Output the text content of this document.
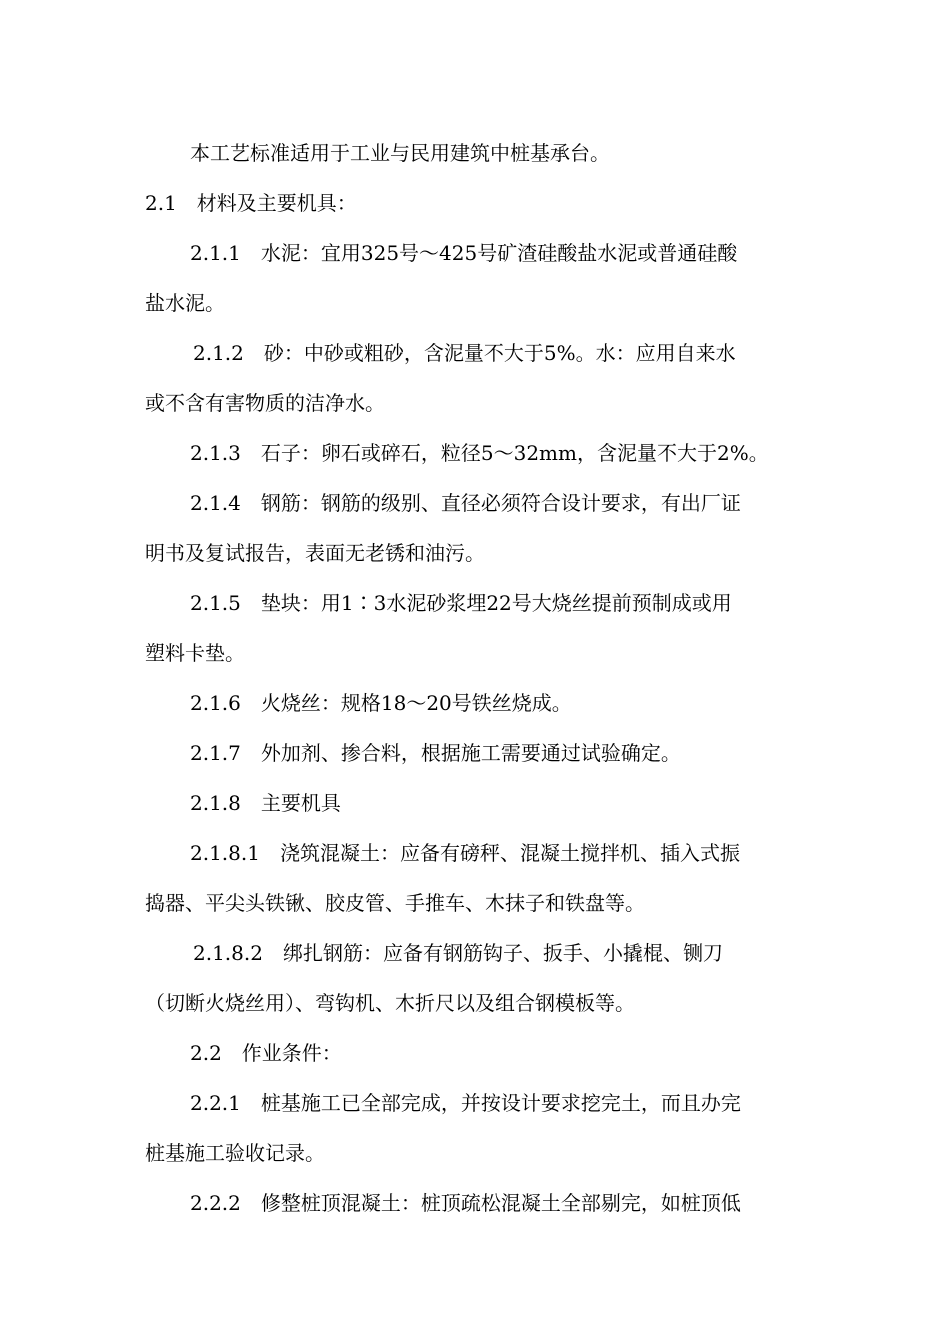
本工艺标准适用于工业与民用建筑中桩基承台。
2.1　材料及主要机具：
2.1.1　水泥：宜用325号～425号矿渣硅酸盐水泥或普通硅酸
盐水泥。
2.1.2　砂：中砂或粗砂，含泥量不大于5%。水：应用自来水
或不含有害物质的洁净水。
2.1.3　石子：卵石或碎石，粒径5～32mm，含泥量不大于2%。
2.1.4　钢筋：钢筋的级别、直径必须符合设计要求，有出厂证
明书及复试报告，表面无老锈和油污。
2.1.5　垫块：用1∶3水泥砂浆埋22号大烧丝提前预制成或用
塑料卡垫。
2.1.6　火烧丝：规格18～20号铁丝烧成。
2.1.7　外加剂、掺合料，根据施工需要通过试验确定。
2.1.8　主要机具
2.1.8.1　浇筑混凝土：应备有磅秤、混凝土搅拌机、插入式振
捣器、平尖头铁锹、胶皮管、手推车、木抹子和铁盘等。
2.1.8.2　绑扎钢筋：应备有钢筋钩子、扳手、小撬棍、铡刀
（切断火烧丝用）、弯钩机、木折尺以及组合钢模板等。
2.2　作业条件：
2.2.1　桩基施工已全部完成，并按设计要求挖完土，而且办完
桩基施工验收记录。
2.2.2　修整桩顶混凝土：桩顶疏松混凝土全部剔完，如桩顶低
